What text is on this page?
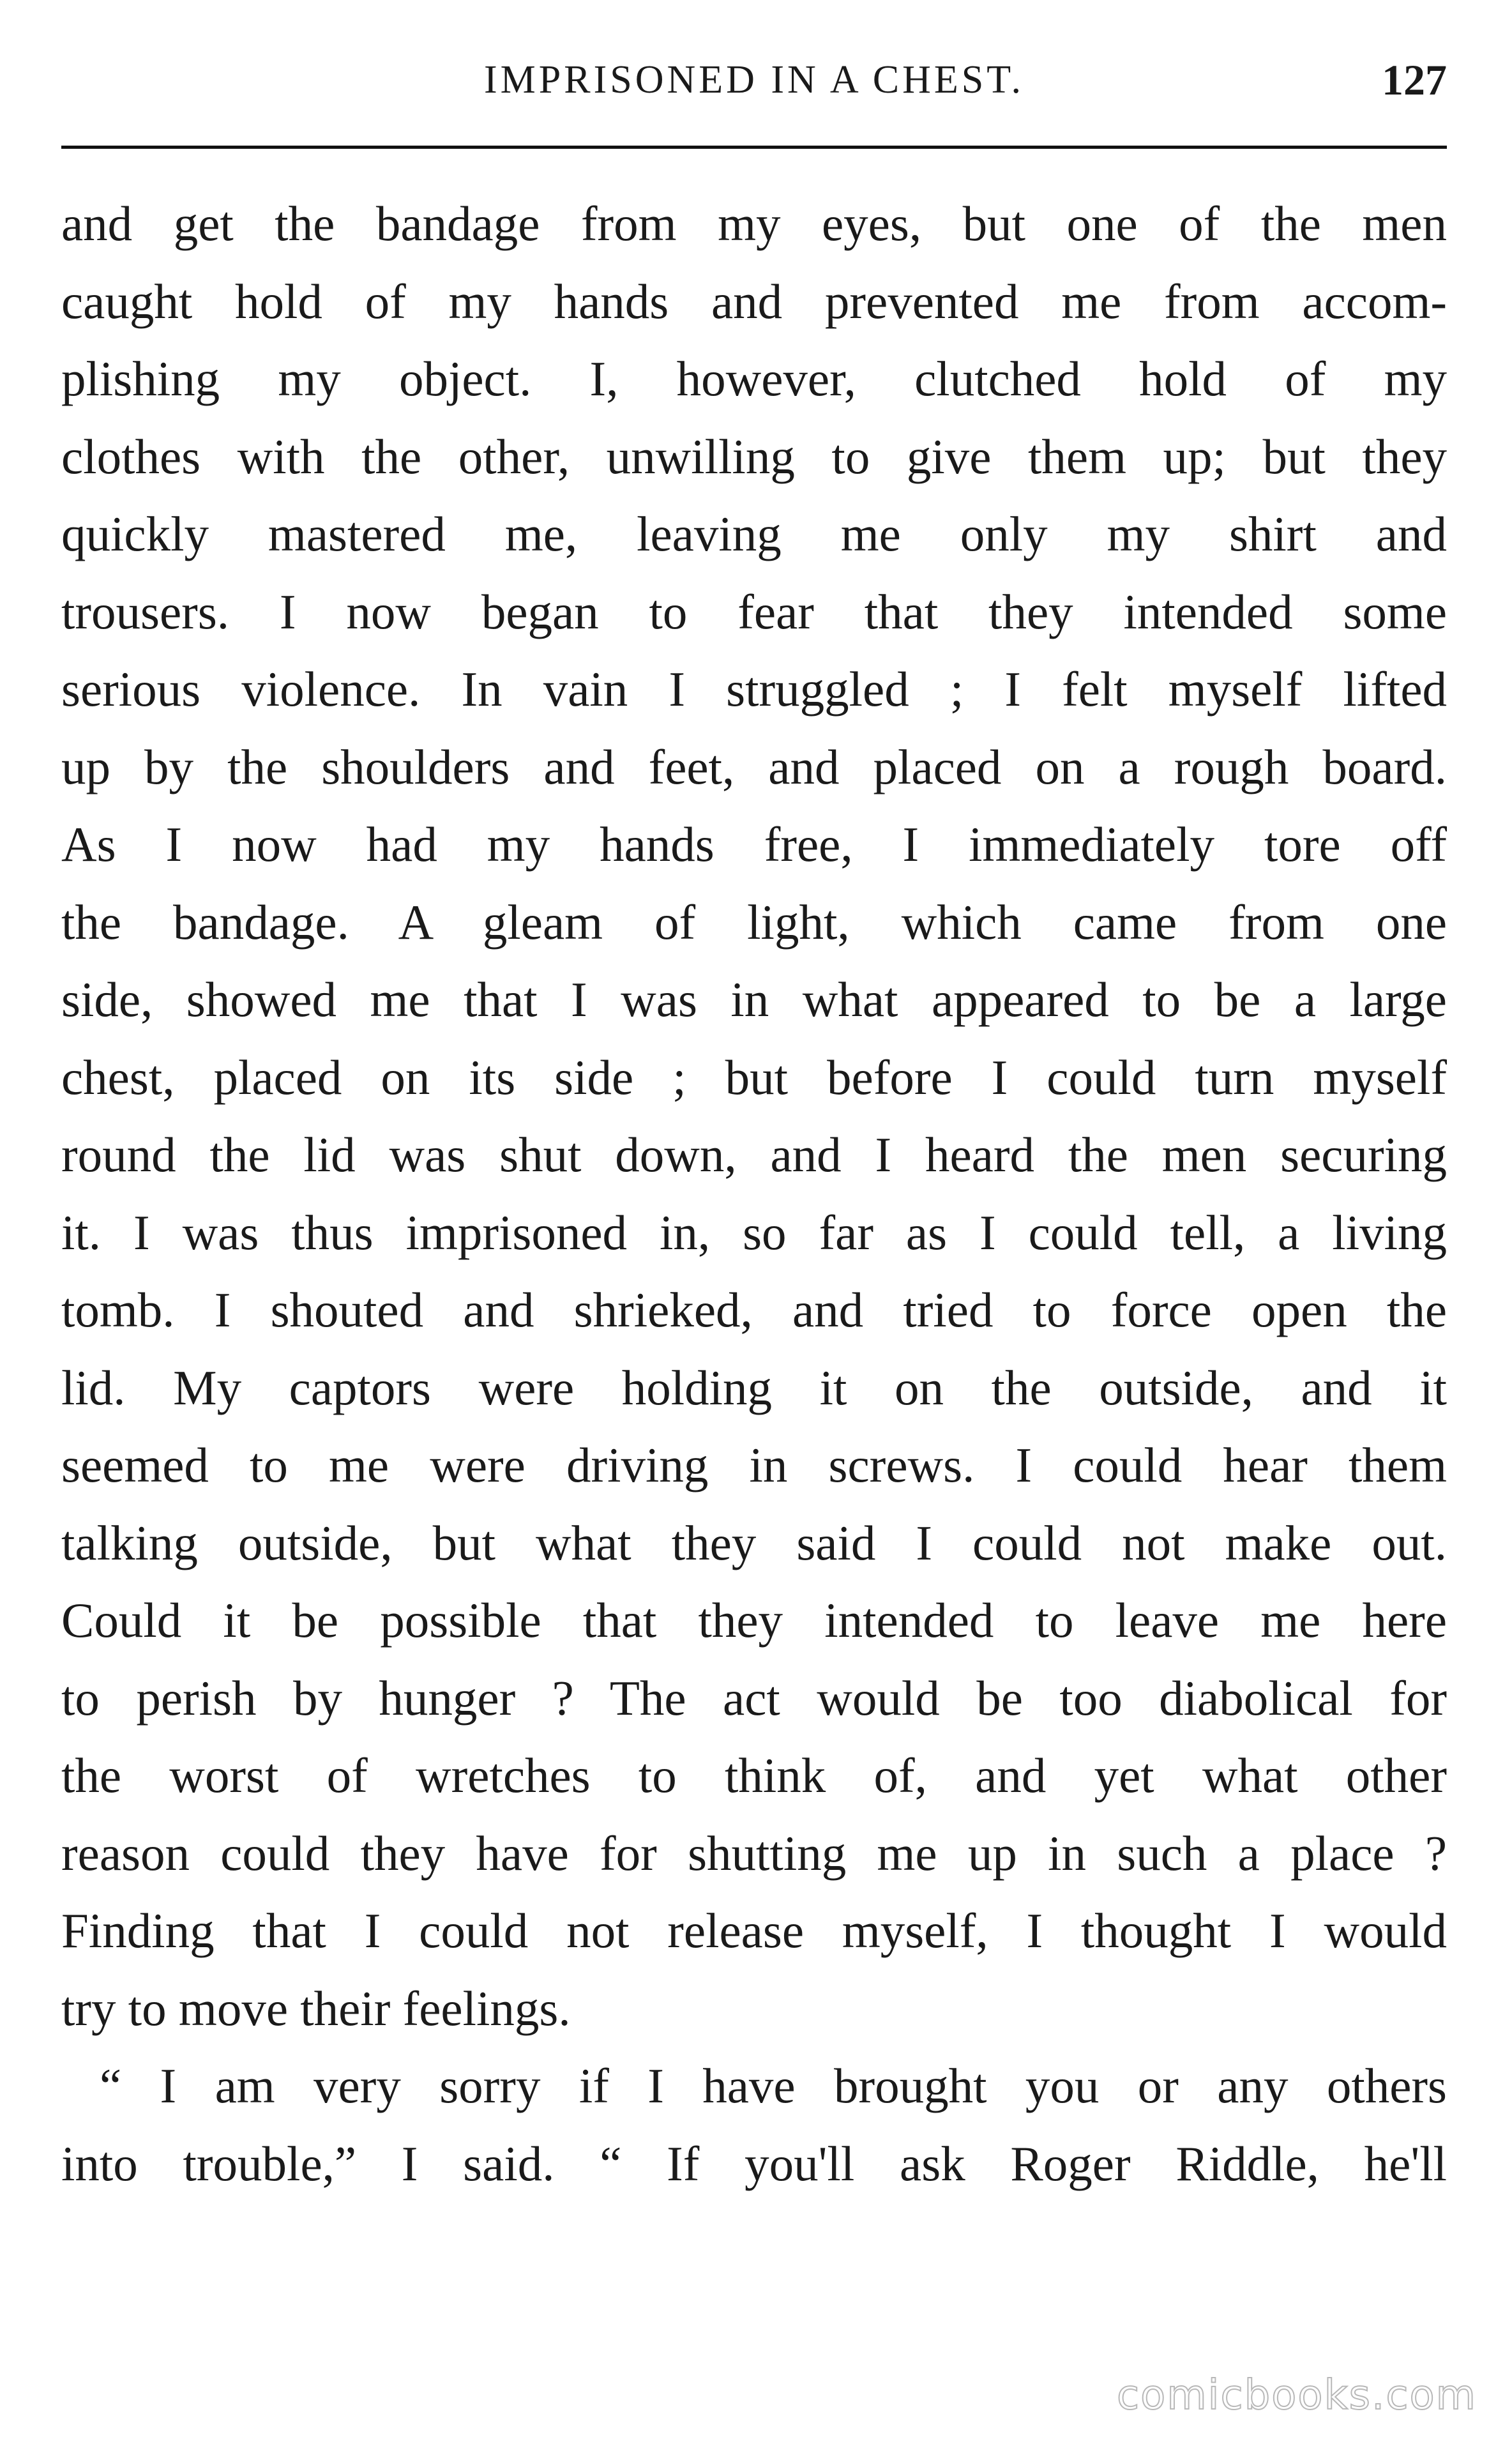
IMPRISONED IN A CHEST.	127
and get the bandage from my eyes, but one of the men
caught hold of my hands and prevented me from accom-
plishing my object. I, however, clutched hold of my
clothes with the other, unwilling to give them up; but they
quickly mastered me, leaving me only my shirt and
trousers. I now began to fear that they intended some
serious violence. In vain I struggled ; I felt myself lifted
up by the shoulders and feet, and placed on a rough board.
As I now had my hands free, I immediately tore off
the bandage. A gleam of light, which came from one
side, showed me that I was in what appeared to be a large
chest, placed on its side ; but before I could turn myself
round the lid was shut down, and I heard the men securing
it. I was thus imprisoned in, so far as I could tell, a living
tomb. I shouted and shrieked, and tried to force open the
lid. My captors were holding it on the outside, and it
seemed to me were driving in screws. I could hear them
talking outside, but what they said I could not make out.
Could it be possible that they intended to leave me here
to perish by hunger ? The act would be too diabolical for
the worst of wretches to think of, and yet what other
reason could they have for shutting me up in such a place ?
Finding that I could not release myself, I thought I would
try to move their feelings.
“ I am very sorry if I have brought you or any others
into trouble,” I said. “ If you'll ask Roger Riddle, he'll
comicbooks.com
